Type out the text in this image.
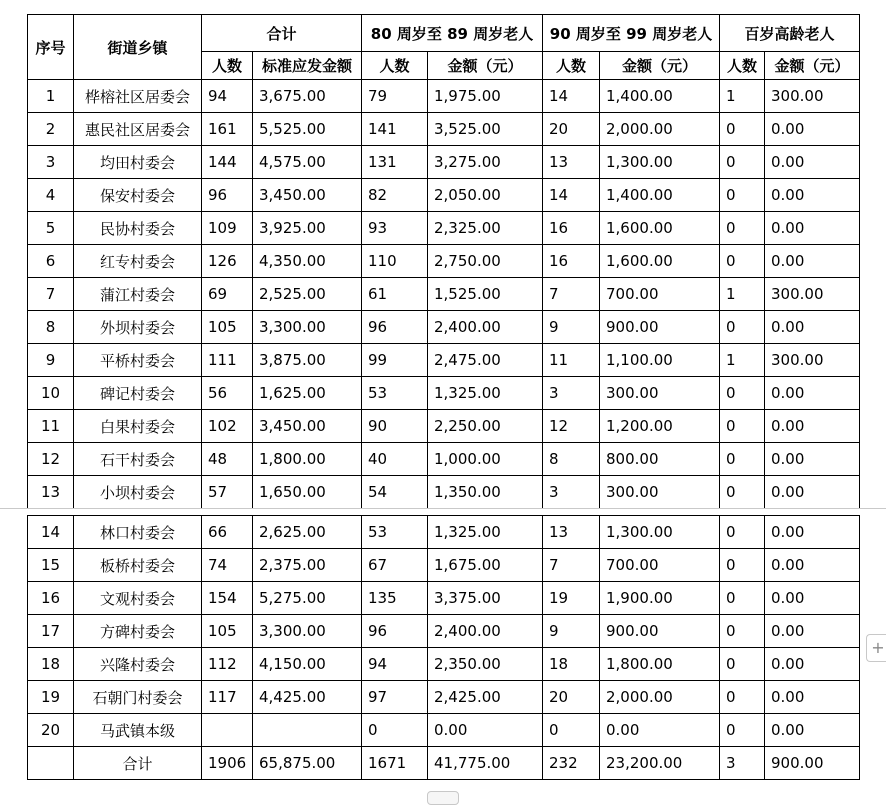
序号	街道乡镇	合计		80 周岁至 89 周岁老人		90 周岁至 99 周岁老人		百岁高龄老人	
		人数	标准应发金额	人数	金额（元）	人数	金额（元）	人数	金额（元）
1	桦榕社区居委会	94	3,675.00	79	1,975.00	14	1,400.00	1	300.00
2	惠民社区居委会	161	5,525.00	141	3,525.00	20	2,000.00	0	0.00
3	均田村委会	144	4,575.00	131	3,275.00	13	1,300.00	0	0.00
4	保安村委会	96	3,450.00	82	2,050.00	14	1,400.00	0	0.00
5	民协村委会	109	3,925.00	93	2,325.00	16	1,600.00	0	0.00
6	红专村委会	126	4,350.00	110	2,750.00	16	1,600.00	0	0.00
7	蒲江村委会	69	2,525.00	61	1,525.00	7	700.00	1	300.00
8	外坝村委会	105	3,300.00	96	2,400.00	9	900.00	0	0.00
9	平桥村委会	111	3,875.00	99	2,475.00	11	1,100.00	1	300.00
10	碑记村委会	56	1,625.00	53	1,325.00	3	300.00	0	0.00
11	白果村委会	102	3,450.00	90	2,250.00	12	1,200.00	0	0.00
12	石干村委会	48	1,800.00	40	1,000.00	8	800.00	0	0.00
13	小坝村委会	57	1,650.00	54	1,350.00	3	300.00	0	0.00
14	林口村委会	66	2,625.00	53	1,325.00	13	1,300.00	0	0.00
15	板桥村委会	74	2,375.00	67	1,675.00	7	700.00	0	0.00
16	文观村委会	154	5,275.00	135	3,375.00	19	1,900.00	0	0.00
17	方碑村委会	105	3,300.00	96	2,400.00	9	900.00	0	0.00
18	兴隆村委会	112	4,150.00	94	2,350.00	18	1,800.00	0	0.00
19	石朝门村委会	117	4,425.00	97	2,425.00	20	2,000.00	0	0.00
20	马武镇本级			0	0.00	0	0.00	0	0.00
	合计	1906	65,875.00	1671	41,775.00	232	23,200.00	3	900.00
+
